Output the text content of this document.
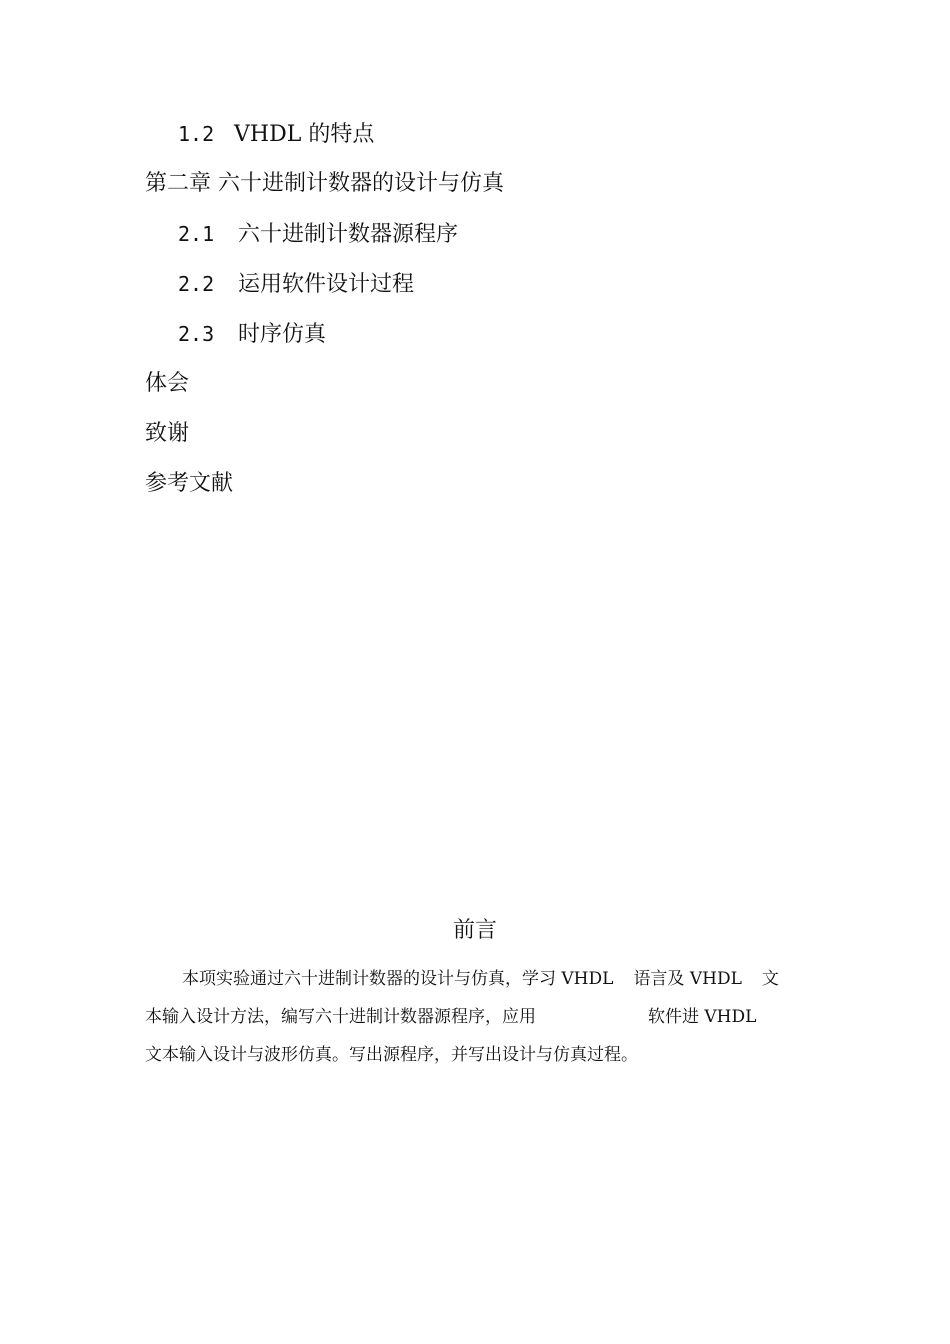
1.2 VHDL 的特点
第二章 六十进制计数器的设计与仿真
2.1 六十进制计数器源程序
2.2 运用软件设计过程
2.3 时序仿真
体会
致谢
参考文献
前言
本项实验通过六十进制计数器的设计与仿真，学习 VHDL 语言及 VHDL 文
本输入设计方法，编写六十进制计数器源程序，应用	软件进 VHDL
文本输入设计与波形仿真。写出源程序，并写出设计与仿真过程。
